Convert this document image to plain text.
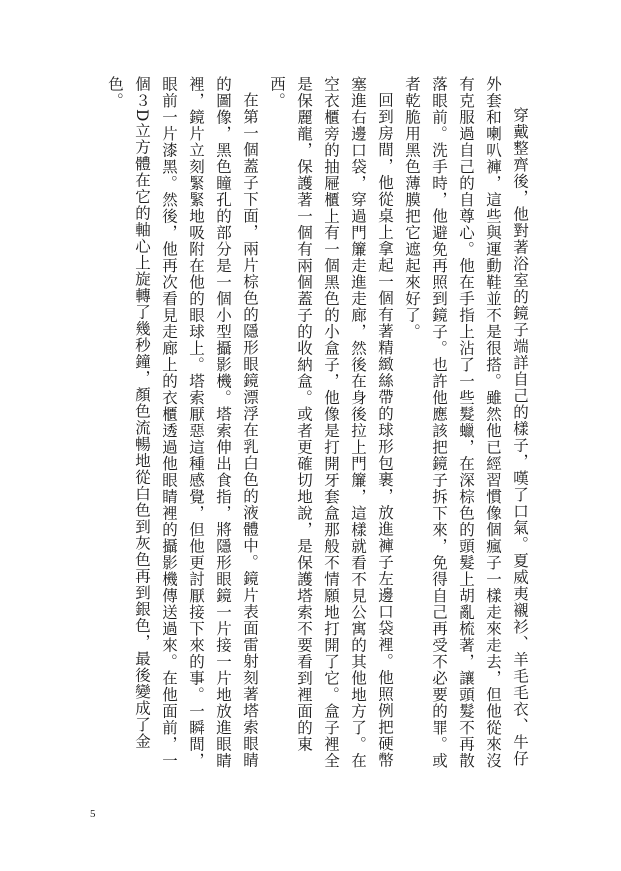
穿戴整齊後，他對著浴室的鏡子端詳自己的樣子，嘆了口氣。夏威夷襯衫、羊毛毛衣、牛仔外套和喇叭褲，這些與運動鞋並不是很搭。雖然他已經習慣像個瘋子一樣走來走去，但他從來沒有克服過自己的自尊心。他在手指上沾了一些髮蠟，在深棕色的頭髮上胡亂梳著，讓頭髮不再散落眼前。洗手時，他避免再照到鏡子。也許他應該把鏡子拆下來，免得自己再受不必要的罪。或者乾脆用黑色薄膜把它遮起來好了。

回到房間，他從桌上拿起一個有著精緻絲帶的球形包裹，放進褲子左邊口袋裡。他照例把硬幣塞進右邊口袋，穿過門簾走進走廊，然後在身後拉上門簾，這樣就看不見公寓的其他地方了。在空衣櫃旁的抽屜櫃上有一個黑色的小盒子，他像是打開牙套盒那般不情願地打開了它。盒子裡全是保麗龍，保護著一個有兩個蓋子的收納盒。或者更確切地說，是保護塔索不要看到裡面的東西。

在第一個蓋子下面，兩片棕色的隱形眼鏡漂浮在乳白色的液體中。鏡片表面雷射刻著塔索眼睛的圖像，黑色瞳孔的部分是一個小型攝影機。塔索伸出食指，將隱形眼鏡一片接一片地放進眼睛裡，鏡片立刻緊緊地吸附在他的眼球上。塔索厭惡這種感覺，但他更討厭接下來的事。一瞬間，眼前一片漆黑。然後，他再次看見走廊上的衣櫃透過他眼睛裡的攝影機傳送過來。在他面前，一個３D立方體在它的軸心上旋轉了幾秒鐘，顏色流暢地從白色到灰色再到銀色，最後變成了金色。

5
